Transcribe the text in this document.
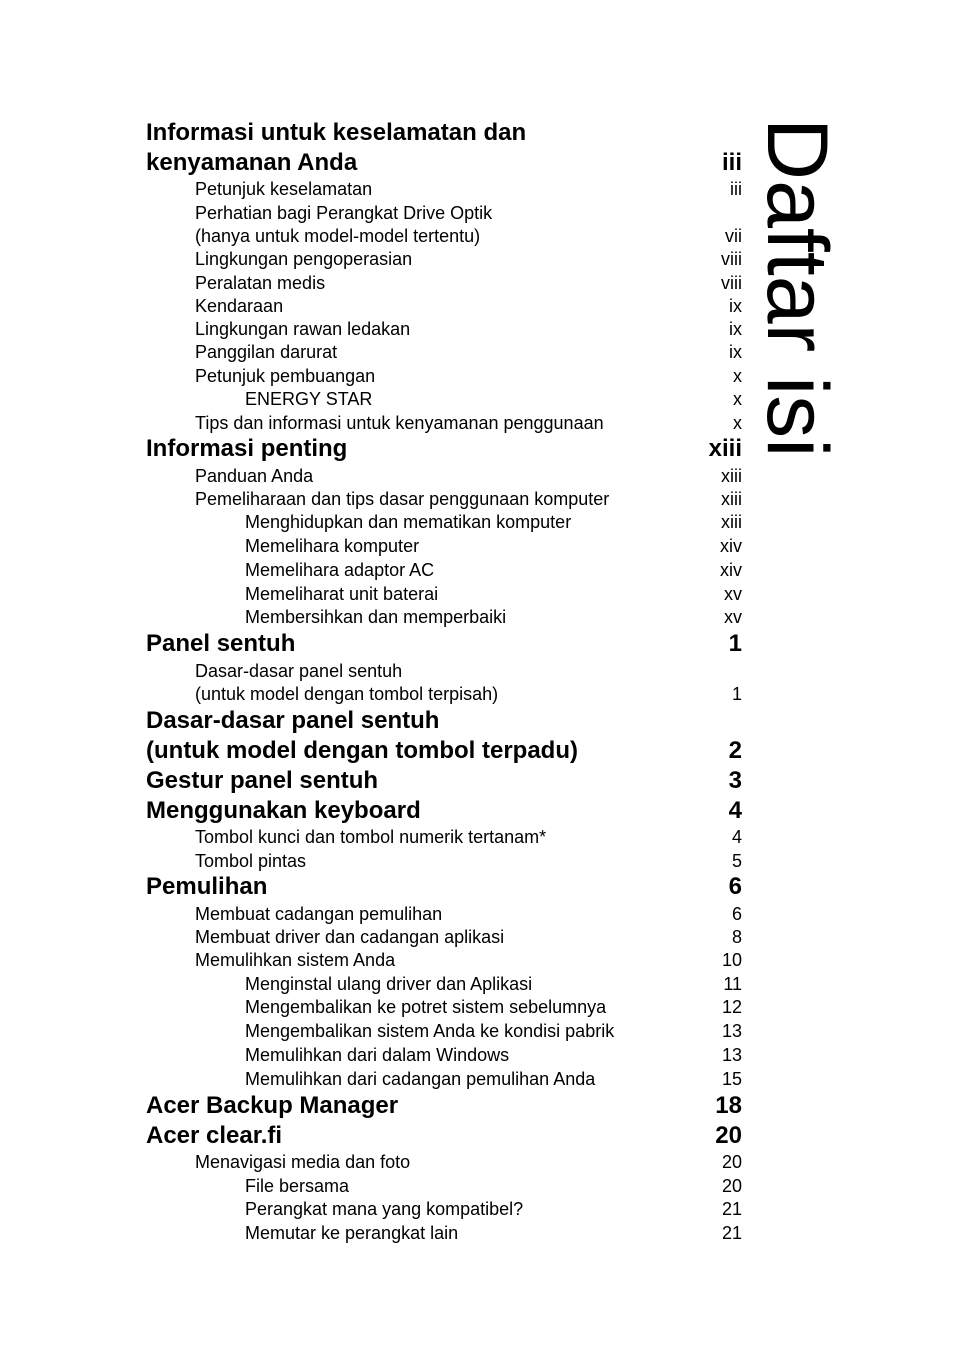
Informasi untuk keselamatan dan
kenyamanan Anda	iii
Petunjuk keselamatan	iii
Perhatian bagi Perangkat Drive Optik
(hanya untuk model-model tertentu)	vii
Lingkungan pengoperasian	viii
Peralatan medis	viii
Kendaraan	ix
Lingkungan rawan ledakan	ix
Panggilan darurat	ix
Petunjuk pembuangan	x
ENERGY STAR	x
Tips dan informasi untuk kenyamanan penggunaan	x
Informasi penting	xiii
Panduan Anda	xiii
Pemeliharaan dan tips dasar penggunaan komputer	xiii
Menghidupkan dan mematikan komputer	xiii
Memelihara komputer	xiv
Memelihara adaptor AC	xiv
Memeliharat unit baterai	xv
Membersihkan dan memperbaiki	xv
Panel sentuh	1
Dasar-dasar panel sentuh
(untuk model dengan tombol terpisah)	1
Dasar-dasar panel sentuh
(untuk model dengan tombol terpadu)	2
Gestur panel sentuh	3
Menggunakan keyboard	4
Tombol kunci dan tombol numerik tertanam*	4
Tombol pintas	5
Pemulihan	6
Membuat cadangan pemulihan	6
Membuat driver dan cadangan aplikasi	8
Memulihkan sistem Anda	10
Menginstal ulang driver dan Aplikasi	11
Mengembalikan ke potret sistem sebelumnya	12
Mengembalikan sistem Anda ke kondisi pabrik	13
Memulihkan dari dalam Windows	13
Memulihkan dari cadangan pemulihan Anda	15
Acer Backup Manager	18
Acer clear.fi	20
Menavigasi media dan foto	20
File bersama	20
Perangkat mana yang kompatibel?	21
Memutar ke perangkat lain	21
Daftar isi
